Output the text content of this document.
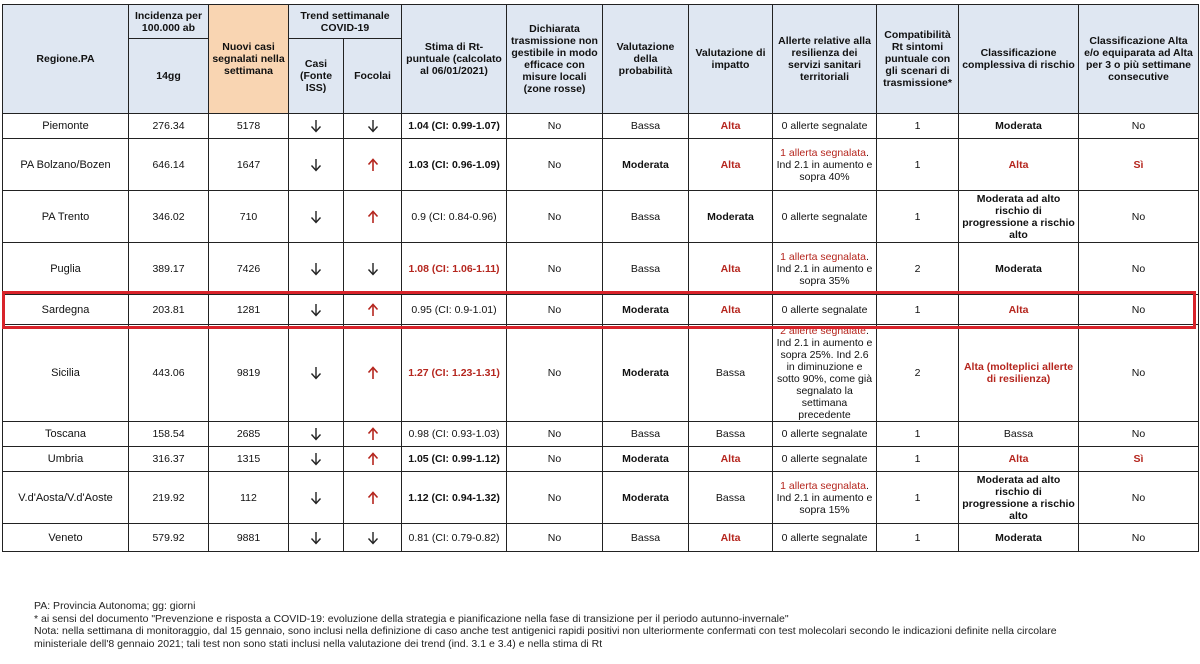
Regione.PA	Incidenza per 100.000 ab	Nuovi casi segnalati nella settimana	Trend settimanale COVID-19		Stima di Rt-puntuale (calcolato al 06/01/2021)	Dichiarata trasmissione non gestibile in modo efficace con misure locali (zone rosse)	Valutazione della probabilità	Valutazione di impatto	Allerte relative alla resilienza dei servizi sanitari territoriali	Compatibilità Rt sintomi puntuale con gli scenari di trasmissione*	Classificazione complessiva di rischio	Classificazione Alta e/o equiparata ad Alta per 3 o più settimane consecutive
	14gg		Casi (Fonte ISS)	Focolai								
Piemonte	276.34	5178			1.04 (CI: 0.99-1.07)	No	Bassa	Alta	0 allerte segnalate	1	Moderata	No
PA Bolzano/Bozen	646.14	1647			1.03 (CI: 0.96-1.09)	No	Moderata	Alta	1 allerta segnalata. Ind 2.1 in aumento e sopra 40%	1	Alta	Sì
PA Trento	346.02	710			0.9 (CI: 0.84-0.96)	No	Bassa	Moderata	0 allerte segnalate	1	Moderata ad alto rischio di progressione a rischio alto	No
Puglia	389.17	7426			1.08 (CI: 1.06-1.11)	No	Bassa	Alta	1 allerta segnalata. Ind 2.1 in aumento e sopra 35%	2	Moderata	No
Sardegna	203.81	1281			0.95 (CI: 0.9-1.01)	No	Moderata	Alta	0 allerte segnalate	1	Alta	No
Sicilia	443.06	9819			1.27 (CI: 1.23-1.31)	No	Moderata	Bassa	2 allerte segnalate. Ind 2.1 in aumento e sopra 25%. Ind 2.6 in diminuzione e sotto 90%, come già segnalato la settimana precedente	2	Alta (molteplici allerte di resilienza)	No
Toscana	158.54	2685			0.98 (CI: 0.93-1.03)	No	Bassa	Bassa	0 allerte segnalate	1	Bassa	No
Umbria	316.37	1315			1.05 (CI: 0.99-1.12)	No	Moderata	Alta	0 allerte segnalate	1	Alta	Sì
V.d'Aosta/V.d'Aoste	219.92	112			1.12 (CI: 0.94-1.32)	No	Moderata	Bassa	1 allerta segnalata. Ind 2.1 in aumento e sopra 15%	1	Moderata ad alto rischio di progressione a rischio alto	No
Veneto	579.92	9881			0.81 (CI: 0.79-0.82)	No	Bassa	Alta	0 allerte segnalate	1	Moderata	No
PA: Provincia Autonoma; gg: giorni
* ai sensi del documento "Prevenzione e risposta a COVID-19: evoluzione della strategia e pianificazione nella fase di transizione per il periodo autunno-invernale"
Nota: nella settimana di monitoraggio, dal 15 gennaio, sono inclusi nella definizione di caso anche test antigenici rapidi positivi non ulteriormente confermati con test molecolari secondo le indicazioni definite nella circolare
ministeriale dell'8 gennaio 2021; tali test non sono stati inclusi nella valutazione dei trend (ind. 3.1 e 3.4) e nella stima di Rt
